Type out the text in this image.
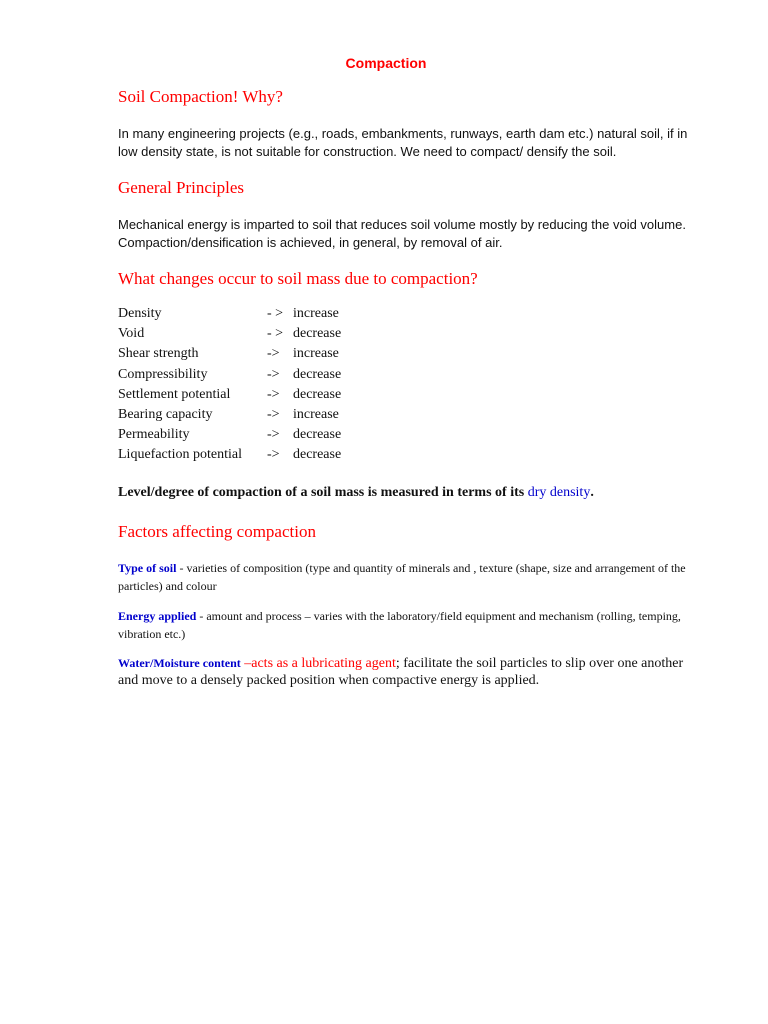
Compaction
Soil Compaction! Why?
In many engineering projects (e.g., roads, embankments, runways, earth dam etc.) natural soil, if in low density state, is not suitable for construction. We need to compact/ densify the soil.
General Principles
Mechanical energy is imparted to soil that reduces soil volume mostly by reducing the void volume. Compaction/densification is achieved, in general, by removal of air.
What changes occur to soil mass due to compaction?
Density	- > increase
Void	- > decrease
Shear strength	-> increase
Compressibility	-> decrease
Settlement potential	-> decrease
Bearing capacity	-> increase
Permeability	-> decrease
Liquefaction potential -> decrease
Level/degree of compaction of a soil mass is measured in terms of its dry density.
Factors affecting compaction
Type of soil - varieties of composition (type and quantity of minerals and , texture (shape, size and arrangement of the particles) and colour
Energy applied - amount and process – varies with the laboratory/field equipment and mechanism (rolling, temping, vibration etc.)
Water/Moisture content –acts as a lubricating agent; facilitate the soil particles to slip over one another and move to a densely packed position when compactive energy is applied.
